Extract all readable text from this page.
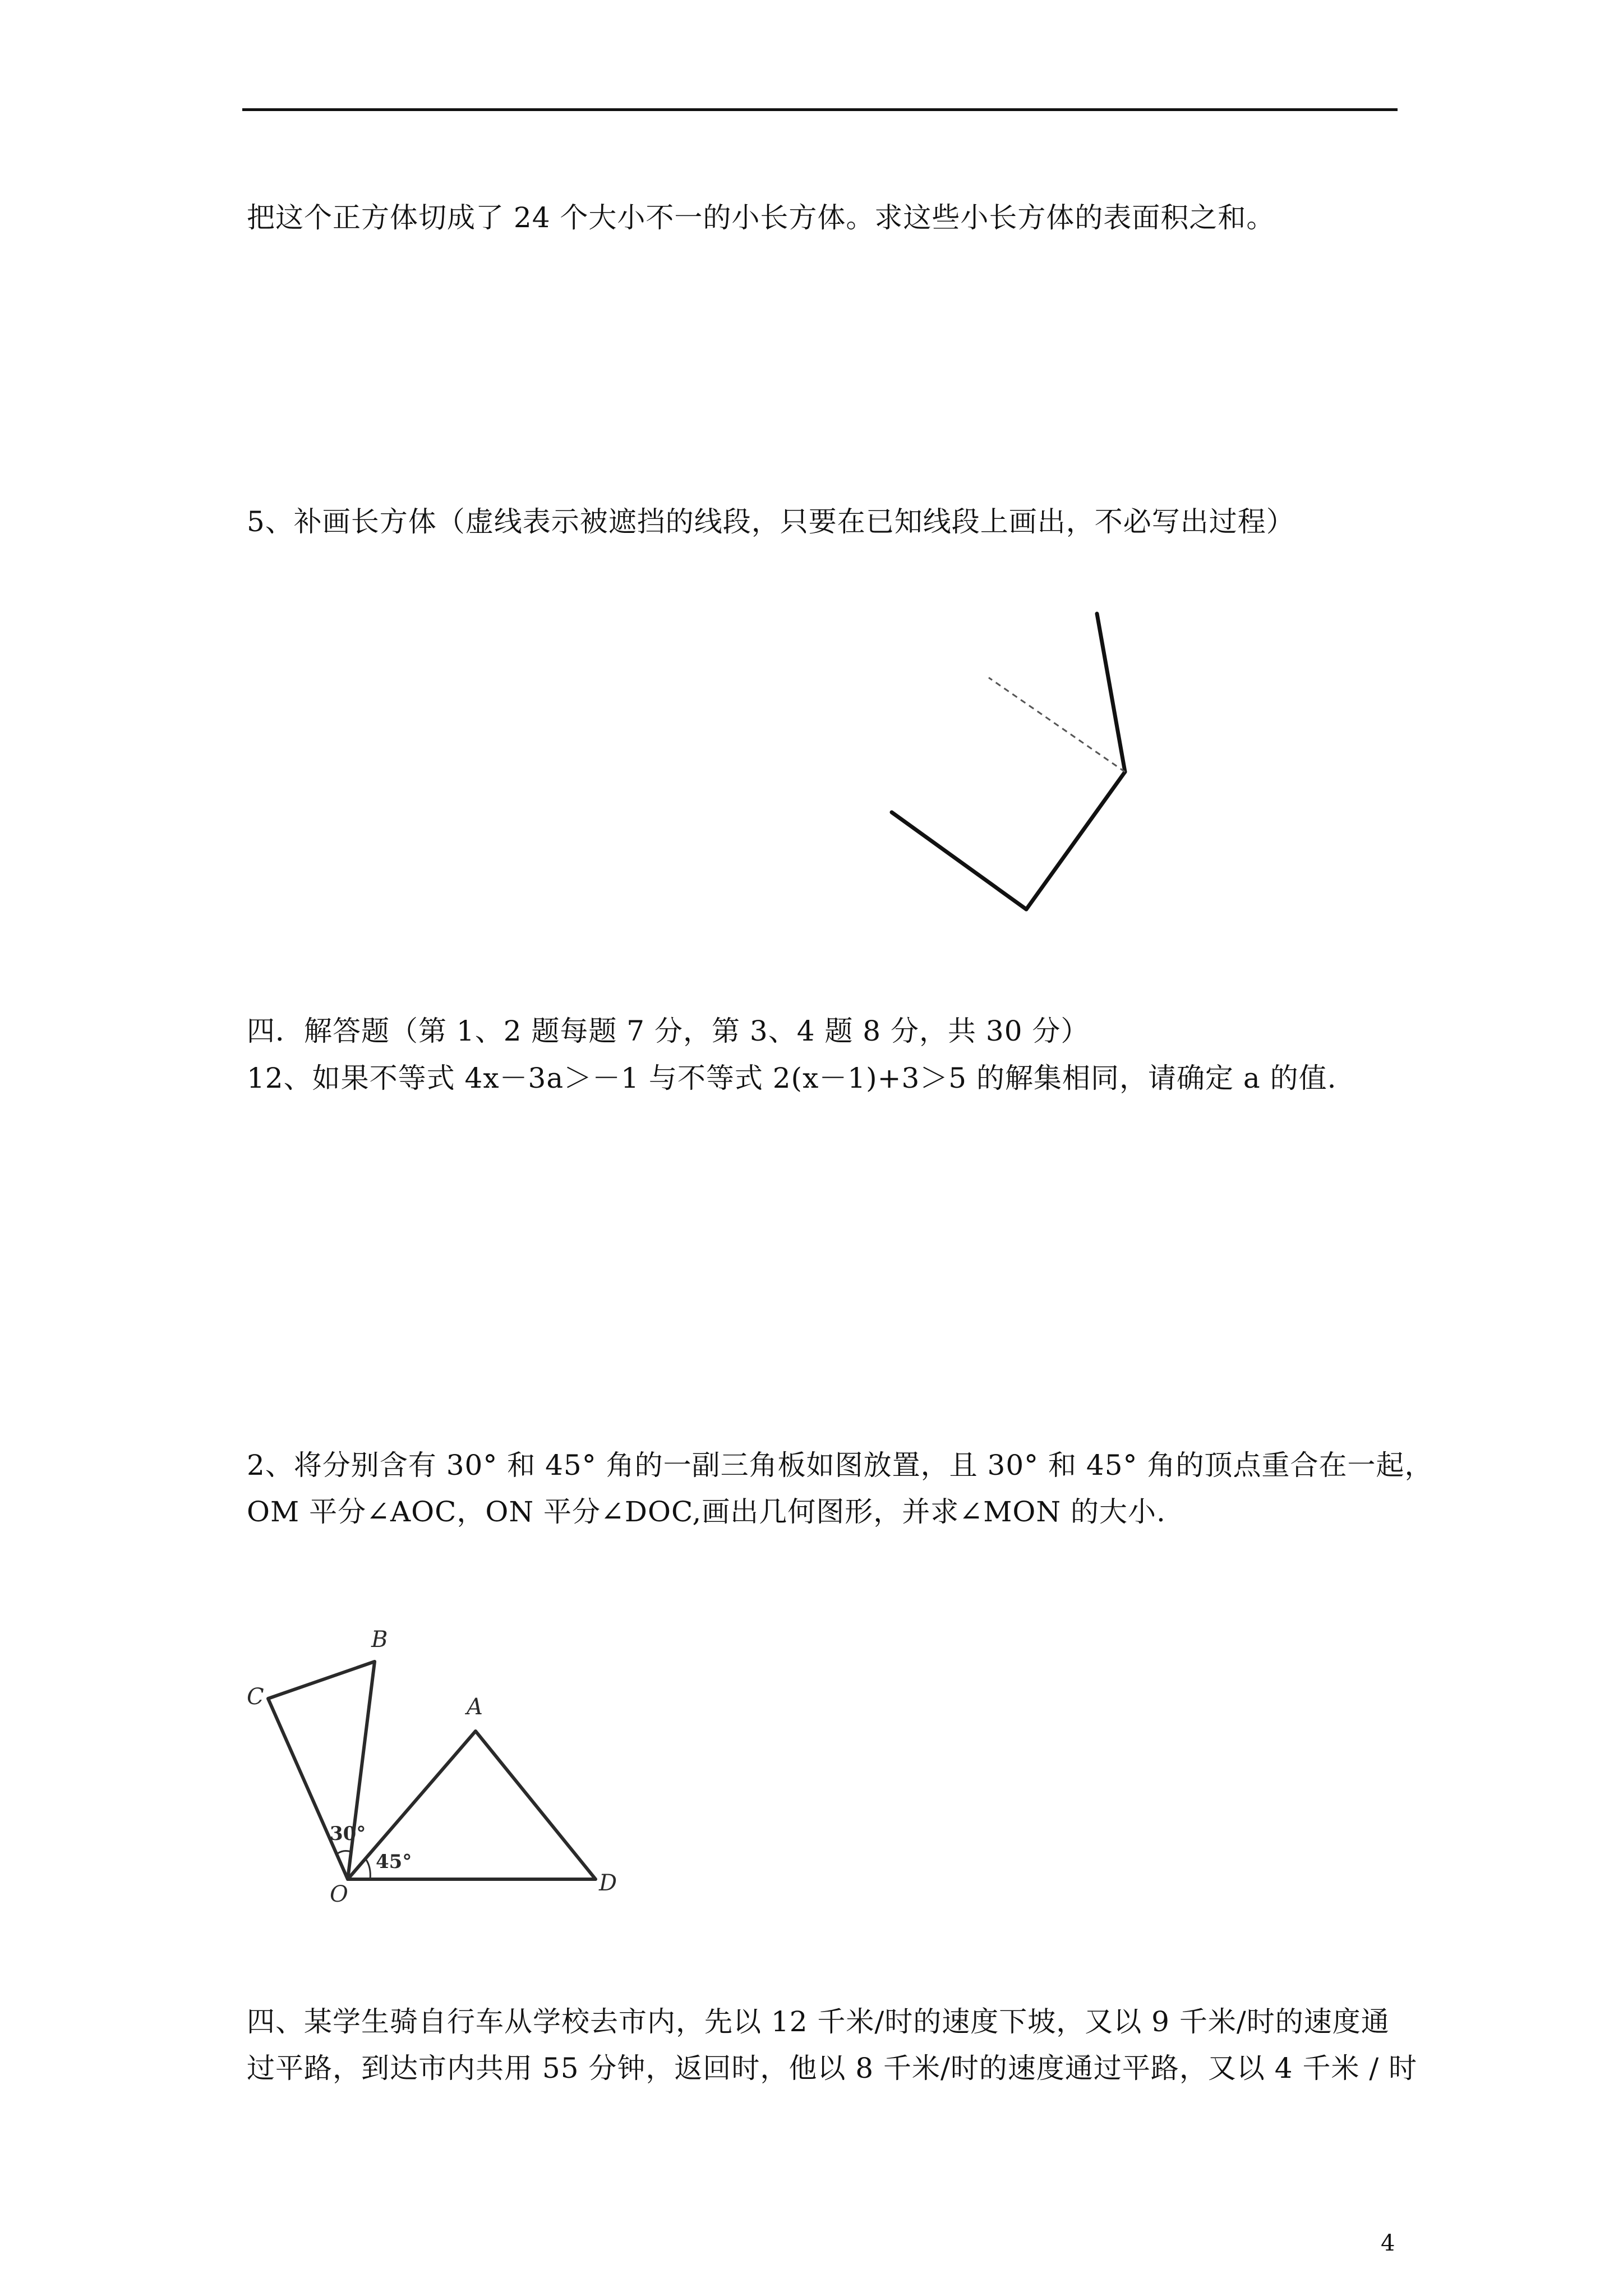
把这个正方体切成了 24 个大小不一的小长方体。求这些小长方体的表面积之和。
5、补画长方体（虚线表示被遮挡的线段，只要在已知线段上画出，不必写出过程）
四．解答题（第 1、2 题每题 7 分，第 3、4 题 8 分，共 30 分）
12、如果不等式 4x－3a＞－1 与不等式 2(x－1)+3＞5 的解集相同，请确定 a 的值.
2、将分别含有 30° 和 45° 角的一副三角板如图放置，且 30° 和 45° 角的顶点重合在一起，
OM 平分∠AOC，ON 平分∠DOC,画出几何图形，并求∠MON 的大小.
B
C	A
D
O
30°
45°
四、某学生骑自行车从学校去市内，先以 12 千米/时的速度下坡，又以 9 千米/时的速度通
过平路，到达市内共用 55 分钟，返回时，他以 8 千米/时的速度通过平路，又以 4 千米 / 时
4
